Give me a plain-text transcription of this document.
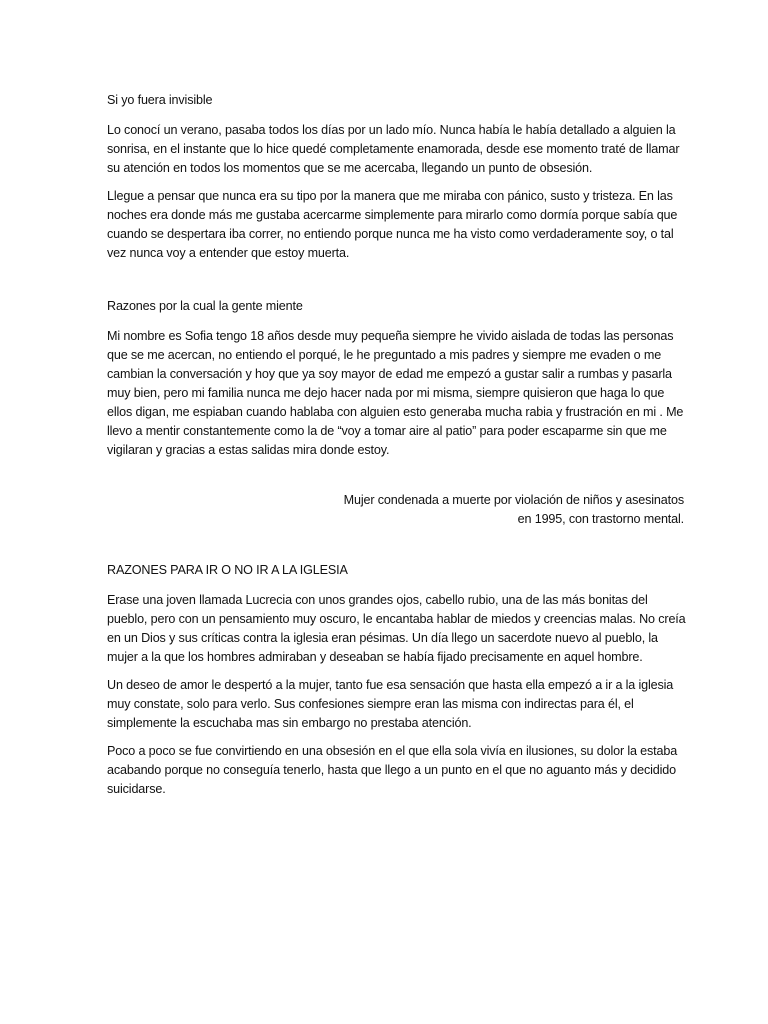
Si yo fuera invisible

Lo conocí un verano, pasaba todos los días por un lado mío. Nunca había le había detallado a alguien la sonrisa, en el instante que lo hice quedé completamente enamorada, desde ese momento traté de llamar su atención en todos los momentos que se me acercaba, llegando un punto de obsesión.

Llegue a pensar que nunca era su tipo por la manera que me miraba con pánico, susto y tristeza. En las noches era donde más me gustaba acercarme simplemente para mirarlo como dormía porque sabía que cuando se despertara iba correr, no entiendo porque nunca me ha visto como verdaderamente soy, o tal vez nunca voy a entender que estoy muerta.

Razones por la cual la gente miente

Mi nombre es Sofia tengo 18 años desde muy pequeña siempre he vivido aislada de todas las personas que se me acercan, no entiendo el porqué, le he preguntado a mis padres y siempre me evaden o me cambian la conversación y hoy que ya soy mayor de edad me empezó a gustar salir a rumbas y pasarla muy bien, pero mi familia nunca me dejo hacer nada por mi misma, siempre quisieron que haga lo que ellos digan, me espiaban cuando hablaba con alguien esto generaba mucha rabia y frustración en mi . Me llevo a mentir constantemente como la de “voy a tomar aire al patio” para poder escaparme sin que me vigilaran y gracias a estas salidas mira donde estoy.

Mujer condenada a muerte por violación de niños y asesinatos
en 1995, con trastorno mental.

RAZONES PARA IR O NO IR A LA IGLESIA

Erase una joven llamada Lucrecia con unos grandes ojos, cabello rubio, una de las más bonitas del pueblo, pero con un pensamiento muy oscuro, le encantaba hablar de miedos y creencias malas. No creía en un Dios y sus críticas contra la iglesia eran pésimas. Un día llego un sacerdote nuevo al pueblo, la mujer a la que los hombres admiraban y deseaban se había fijado precisamente en aquel hombre.

Un deseo de amor le despertó a la mujer, tanto fue esa sensación que hasta ella empezó a ir a la iglesia muy constate, solo para verlo. Sus confesiones siempre eran las misma con indirectas para él, el simplemente la escuchaba mas sin embargo no prestaba atención.

Poco a poco se fue convirtiendo en una obsesión en el que ella sola vivía en ilusiones, su dolor la estaba acabando porque no conseguía tenerlo, hasta que llego a un punto en el que no aguanto más y decidido suicidarse.
